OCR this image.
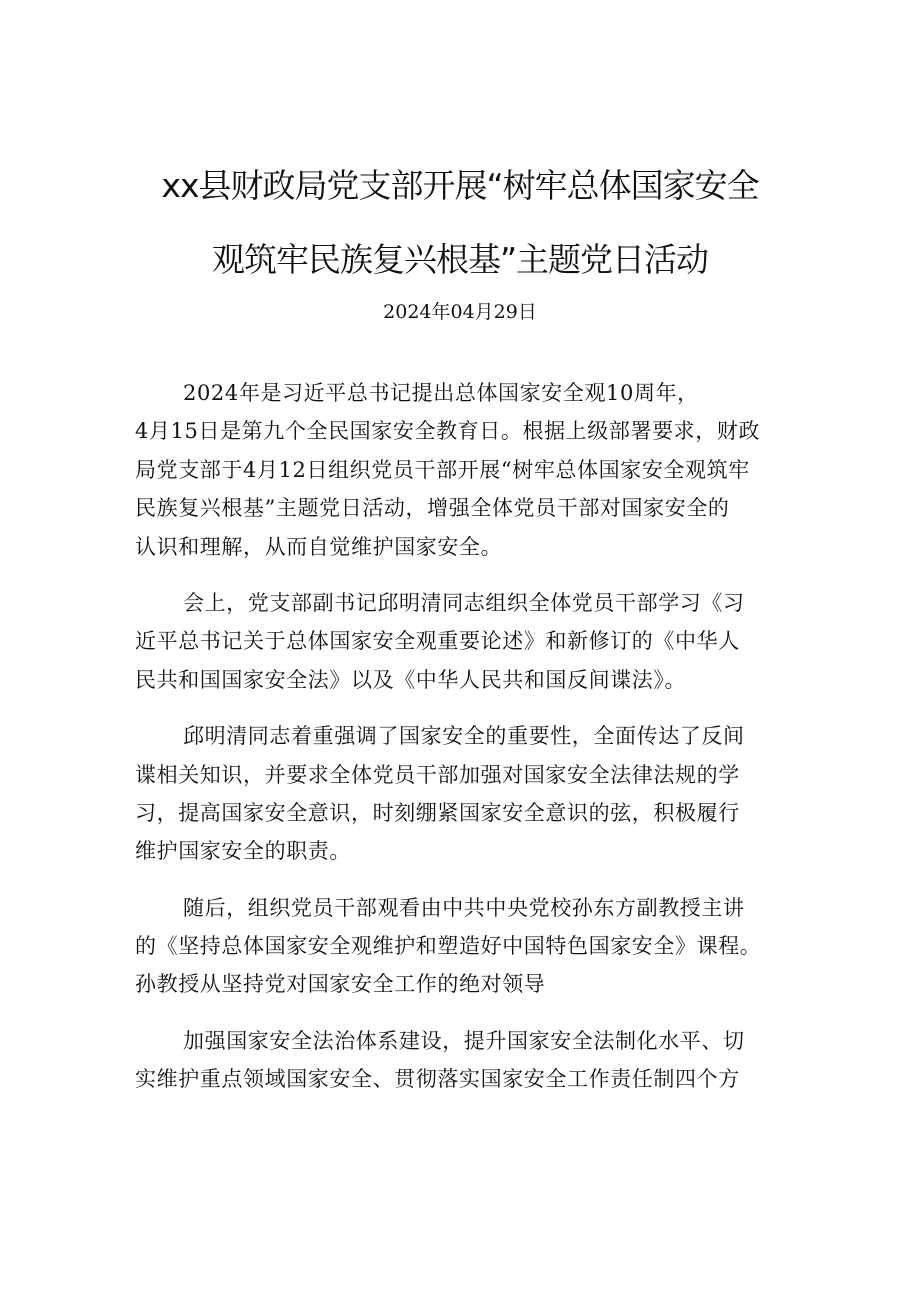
xx县财政局党支部开展“树牢总体国家安全
观筑牢民族复兴根基”主题党日活动
2024年04月29日
2024年是习近平总书记提出总体国家安全观10周年，
4月15日是第九个全民国家安全教育日。根据上级部署要求，财政
局党支部于4月12日组织党员干部开展“树牢总体国家安全观筑牢
民族复兴根基”主题党日活动，增强全体党员干部对国家安全的
认识和理解，从而自觉维护国家安全。
会上，党支部副书记邱明清同志组织全体党员干部学习《习
近平总书记关于总体国家安全观重要论述》和新修订的《中华人
民共和国国家安全法》以及《中华人民共和国反间谍法》。
邱明清同志着重强调了国家安全的重要性，全面传达了反间
谍相关知识，并要求全体党员干部加强对国家安全法律法规的学
习，提高国家安全意识，时刻绷紧国家安全意识的弦，积极履行
维护国家安全的职责。
随后，组织党员干部观看由中共中央党校孙东方副教授主讲
的《坚持总体国家安全观维护和塑造好中国特色国家安全》课程。
孙教授从坚持党对国家安全工作的绝对领导
加强国家安全法治体系建设，提升国家安全法制化水平、切
实维护重点领域国家安全、贯彻落实国家安全工作责任制四个方
